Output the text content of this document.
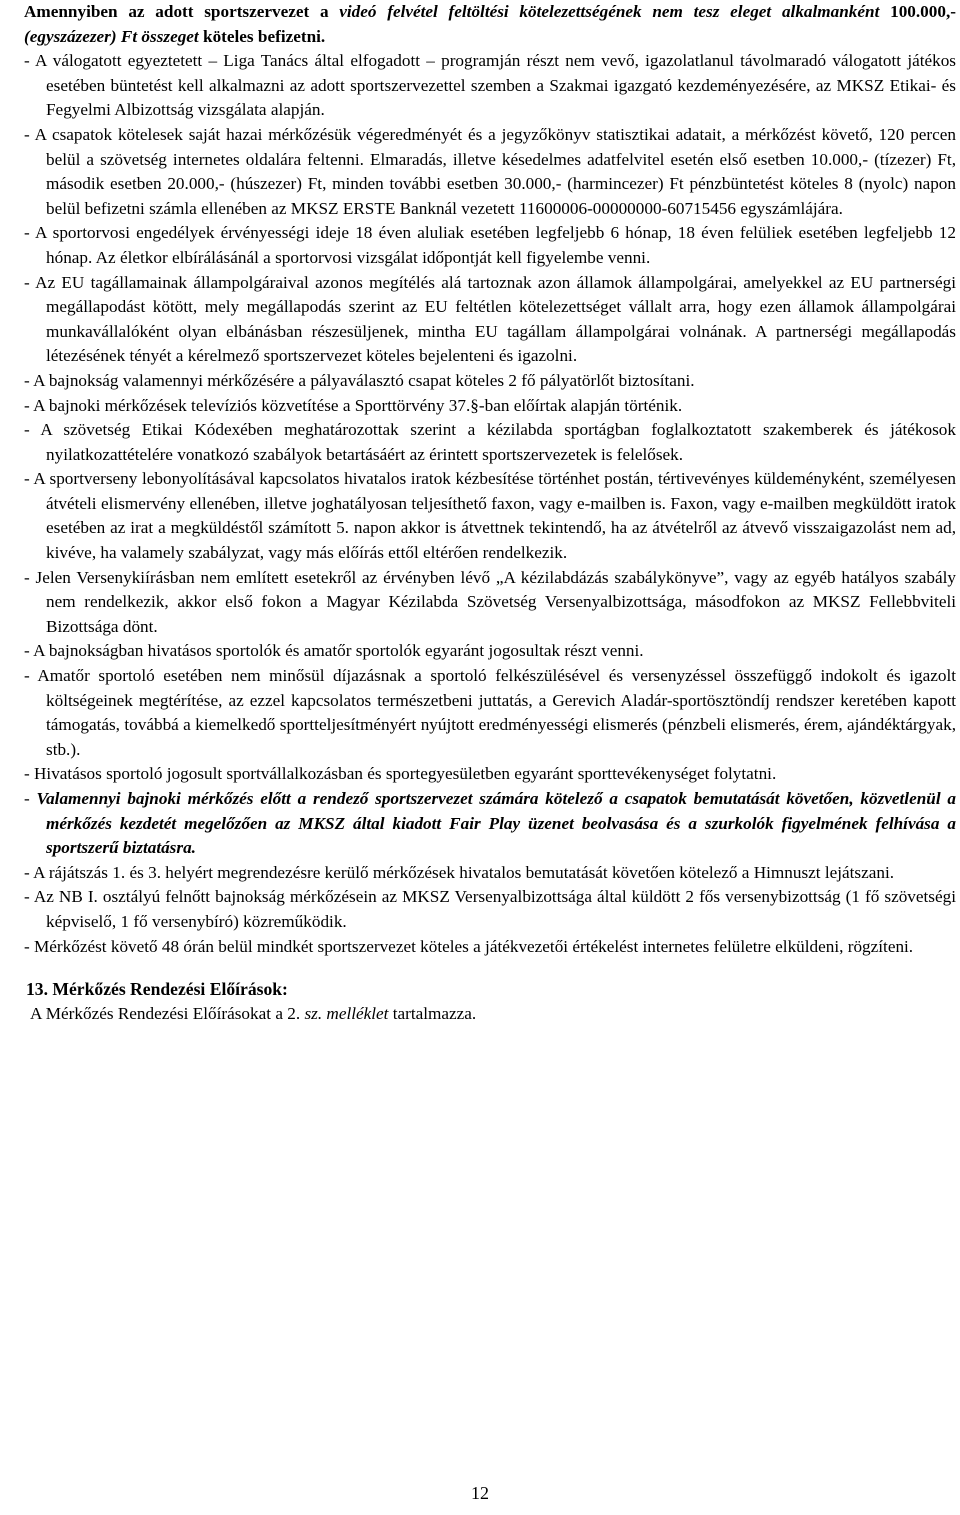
Amennyiben az adott sportszervezet a videó felvétel feltöltési kötelezettségének nem tesz eleget alkalmanként 100.000,-(egyszázezer) Ft összeget köteles befizetni.

- A válogatott egyeztetett – Liga Tanács által elfogadott – programján részt nem vevő, igazolatlanul távolmaradó válogatott játékos esetében büntetést kell alkalmazni az adott sportszervezettel szemben a Szakmai igazgató kezdeményezésére, az MKSZ Etikai- és Fegyelmi Albizottság vizsgálata alapján.

- A csapatok kötelesek saját hazai mérkőzésük végeredményét és a jegyzőkönyv statisztikai adatait, a mérkőzést követő, 120 percen belül a szövetség internetes oldalára feltenni. Elmaradás, illetve késedelmes adatfelvitel esetén első esetben 10.000,- (tízezer) Ft, második esetben 20.000,- (húszezer) Ft, minden további esetben 30.000,- (harmincezer) Ft pénzbüntetést köteles 8 (nyolc) napon belül befizetni számla ellenében az MKSZ ERSTE Banknál vezetett 11600006-00000000-60715456 egyszámlájára.

- A sportorvosi engedélyek érvényességi ideje 18 éven aluliak esetében legfeljebb 6 hónap, 18 éven felüliek esetében legfeljebb 12 hónap. Az életkor elbírálásánál a sportorvosi vizsgálat időpontját kell figyelembe venni.

- Az EU tagállamainak állampolgáraival azonos megítélés alá tartoznak azon államok állampolgárai, amelyekkel az EU partnerségi megállapodást kötött, mely megállapodás szerint az EU feltétlen kötelezettséget vállalt arra, hogy ezen államok állampolgárai munkavállalóként olyan elbánásban részesüljenek, mintha EU tagállam állampolgárai volnának. A partnerségi megállapodás létezésének tényét a kérelmező sportszervezet köteles bejelenteni és igazolni.

- A bajnokság valamennyi mérkőzésére a pályaválasztó csapat köteles 2 fő pályatörlőt biztosítani.

- A bajnoki mérkőzések televíziós közvetítése a Sporttörvény 37.§-ban előírtak alapján történik.

- A szövetség Etikai Kódexében meghatározottak szerint a kézilabda sportágban foglalkoztatott szakemberek és játékosok nyilatkozattételére vonatkozó szabályok betartásáért az érintett sportszervezetek is felelősek.

- A sportverseny lebonyolításával kapcsolatos hivatalos iratok kézbesítése történhet postán, tértivevényes küldeményként, személyesen átvételi elismervény ellenében, illetve joghatályosan teljesíthető faxon, vagy e-mailben is. Faxon, vagy e-mailben megküldött iratok esetében az irat a megküldéstől számított 5. napon akkor is átvettnek tekintendő, ha az átvételről az átvevő visszaigazolást nem ad, kivéve, ha valamely szabályzat, vagy más előírás ettől eltérően rendelkezik.

- Jelen Versenykiírásban nem említett esetekről az érvényben lévő „A kézilabdázás szabálykönyve”, vagy az egyéb hatályos szabály nem rendelkezik, akkor első fokon a Magyar Kézilabda Szövetség Versenyalbizottsága, másodfokon az MKSZ Fellebbviteli Bizottsága dönt.

- A bajnokságban hivatásos sportolók és amatőr sportolók egyaránt jogosultak részt venni.

- Amatőr sportoló esetében nem minősül díjazásnak a sportoló felkészülésével és versenyzéssel összefüggő indokolt és igazolt költségeinek megtérítése, az ezzel kapcsolatos természetbeni juttatás, a Gerevich Aladár-sportösztöndíj rendszer keretében kapott támogatás, továbbá a kiemelkedő sportteljesítményért nyújtott eredményességi elismerés (pénzbeli elismerés, érem, ajándéktárgyak, stb.).

- Hivatásos sportoló jogosult sportvállalkozásban és sportegyesületben egyaránt sporttevékenységet folytatni.

- Valamennyi bajnoki mérkőzés előtt a rendező sportszervezet számára kötelező a csapatok bemutatását követően, közvetlenül a mérkőzés kezdetét megelőzően az MKSZ által kiadott Fair Play üzenet beolvasása és a szurkolók figyelmének felhívása a sportszerű biztatásra.

- A rájátszás 1. és 3. helyért megrendezésre kerülő mérkőzések hivatalos bemutatását követően kötelező a Himnuszt lejátszani.

- Az NB I. osztályú felnőtt bajnokság mérkőzésein az MKSZ Versenyalbizottsága által küldött 2 fős versenybizottság (1 fő szövetségi képviselő, 1 fő versenybíró) közreműködik.

- Mérkőzést követő 48 órán belül mindkét sportszervezet köteles a játékvezetői értékelést internetes felületre elküldeni, rögzíteni.

13. Mérkőzés Rendezési Előírások:

A Mérkőzés Rendezési Előírásokat a 2. sz. melléklet tartalmazza.

12
